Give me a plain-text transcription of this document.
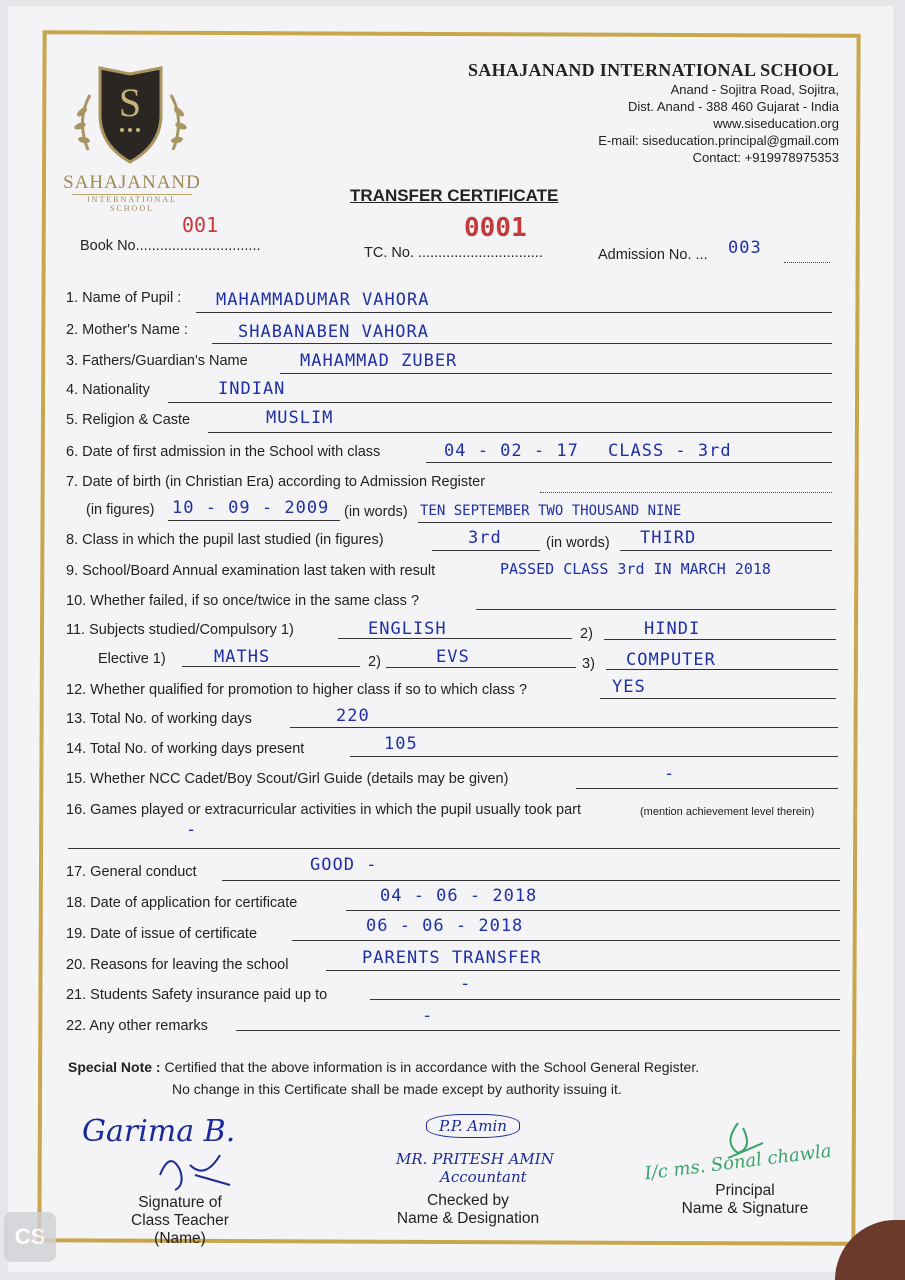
S
SAHAJANAND
INTERNATIONAL SCHOOL
SAHAJANAND INTERNATIONAL SCHOOL
Anand - Sojitra Road, Sojitra,
Dist. Anand - 388 460 Gujarat - India
www.siseducation.org
E-mail: siseducation.principal@gmail.com
Contact: +919978975353
TRANSFER CERTIFICATE
Book No...............................
001
TC. No. ...............................
0001
Admission No. ... 003
1. Name of Pupil : MAHAMMADUMAR VAHORA
2. Mother's Name :	SHABANABEN VAHORA
3. Fathers/Guardian's Name	MAHAMMAD ZUBER
4. Nationality	INDIAN
5. Religion & Caste	MUSLIM
6. Date of first admission in the School with class	04 - 02 - 17 CLASS - 3rd
7. Date of birth (in Christian Era) according to Admission Register
(in figures) 10 - 09 - 2009 (in words) TEN SEPTEMBER TWO THOUSAND NINE
8. Class in which the pupil last studied (in figures)	3rd	(in words) THIRD
9. School/Board Annual examination last taken with result	PASSED CLASS 3rd IN MARCH 2018
10. Whether failed, if so once/twice in the same class ?
11. Subjects studied/Compulsory 1)	ENGLISH	2)	HINDI
Elective 1)	MATHS	2)	EVS	3) COMPUTER
12. Whether qualified for promotion to higher class if so to which class ?	YES
13. Total No. of working days	220
14. Total No. of working days present	105
15. Whether NCC Cadet/Boy Scout/Girl Guide (details may be given)	-
16. Games played or extracurricular activities in which the pupil usually took part	(mention achievement level therein)
-
17. General conduct	GOOD -
18. Date of application for certificate	04 - 06 - 2018
19. Date of issue of certificate	06 - 06 - 2018
20. Reasons for leaving the school	PARENTS TRANSFER
21. Students Safety insurance paid up to
-
22. Any other remarks	-
Special Note : Certified that the above information is in accordance with the School General Register.
No change in this Certificate shall be made except by authority issuing it.
Garima B.
Signature of
Class Teacher (Name)
P.P. Amin
MR. PRITESH AMIN
Accountant
Checked by
Name & Designation
I/c ms. Sonal chawla
Principal
Name & Signature
CS
